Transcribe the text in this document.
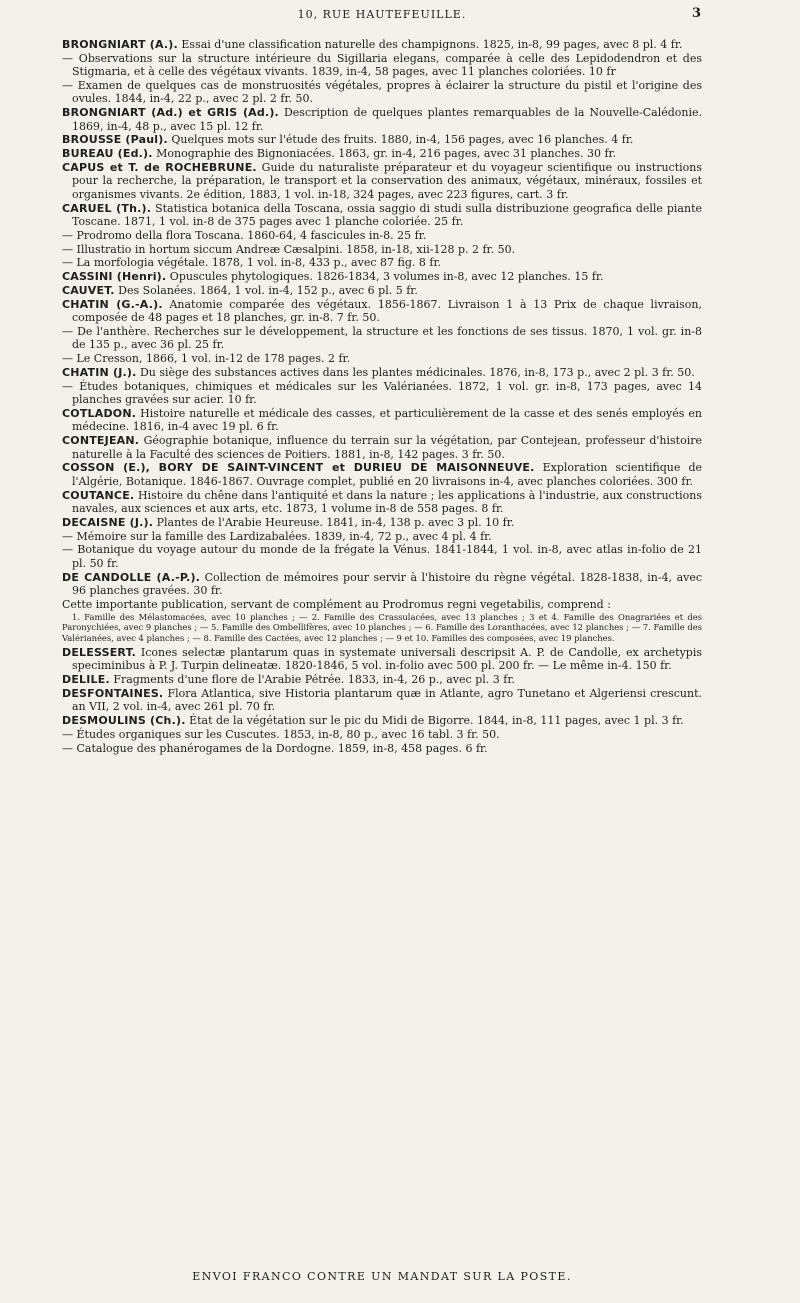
10, RUE HAUTEFEUILLE.	3
BRONGNIART (A.). Essai d'une classification naturelle des champignons. 1825, in-8, 99 pages, avec 8 pl. 4 fr.
— Observations sur la structure intérieure du Sigillaria elegans, comparée à celle des Lepidodendron et des Stigmaria, et à celle des végétaux vivants. 1839, in-4, 58 pages, avec 11 planches coloriées. 10 fr
— Examen de quelques cas de monstruosités végétales, propres à éclairer la structure du pistil et l'origine des ovules. 1844, in-4, 22 p., avec 2 pl. 2 fr. 50.
BRONGNIART (Ad.) et GRIS (Ad.). Description de quelques plantes remarquables de la Nouvelle-Calédonie. 1869, in-4, 48 p., avec 15 pl. 12 fr.
BROUSSE (Paul). Quelques mots sur l'étude des fruits. 1880, in-4, 156 pages, avec 16 planches. 4 fr.
BUREAU (Ed.). Monographie des Bignoniacées. 1863, gr. in-4, 216 pages, avec 31 planches. 30 fr.
CAPUS et T. de ROCHEBRUNE. Guide du naturaliste préparateur et du voyageur scientifique ou instructions pour la recherche, la préparation, le transport et la conservation des animaux, végétaux, minéraux, fossiles et organismes vivants. 2e édition, 1883, 1 vol. in-18, 324 pages, avec 223 figures, cart. 3 fr.
CARUEL (Th.). Statistica botanica della Toscana, ossia saggio di studi sulla distribuzione geografica delle piante Toscane. 1871, 1 vol. in-8 de 375 pages avec 1 planche coloriée. 25 fr.
— Prodromo della flora Toscana. 1860-64, 4 fascicules in-8. 25 fr.
— Illustratio in hortum siccum Andreæ Cæsalpini. 1858, in-18, xii-128 p. 2 fr. 50.
— La morfologia végétale. 1878, 1 vol. in-8, 433 p., avec 87 fig. 8 fr.
CASSINI (Henri). Opuscules phytologiques. 1826-1834, 3 volumes in-8, avec 12 planches. 15 fr.
CAUVET. Des Solanées. 1864, 1 vol. in-4, 152 p., avec 6 pl. 5 fr.
CHATIN (G.-A.). Anatomie comparée des végétaux. 1856-1867. Livraison 1 à 13 Prix de chaque livraison, composée de 48 pages et 18 planches, gr. in-8. 7 fr. 50.
— De l'anthère. Recherches sur le développement, la structure et les fonctions de ses tissus. 1870, 1 vol. gr. in-8 de 135 p., avec 36 pl. 25 fr.
— Le Cresson, 1866, 1 vol. in-12 de 178 pages. 2 fr.
CHATIN (J.). Du siège des substances actives dans les plantes médicinales. 1876, in-8, 173 p., avec 2 pl. 3 fr. 50.
— Études botaniques, chimiques et médicales sur les Valérianées. 1872, 1 vol. gr. in-8, 173 pages, avec 14 planches gravées sur acier. 10 fr.
COTLADON. Histoire naturelle et médicale des casses, et particulièrement de la casse et des senés employés en médecine. 1816, in-4 avec 19 pl. 6 fr.
CONTEJEAN. Géographie botanique, influence du terrain sur la végétation, par Contejean, professeur d'histoire naturelle à la Faculté des sciences de Poitiers. 1881, in-8, 142 pages. 3 fr. 50.
COSSON (E.), BORY DE SAINT-VINCENT et DURIEU DE MAISONNEUVE. Exploration scientifique de l'Algérie, Botanique. 1846-1867. Ouvrage complet, publié en 20 livraisons in-4, avec planches coloriées. 300 fr.
COUTANCE. Histoire du chêne dans l'antiquité et dans la nature ; les applications à l'industrie, aux constructions navales, aux sciences et aux arts, etc. 1873, 1 volume in-8 de 558 pages. 8 fr.
DECAISNE (J.). Plantes de l'Arabie Heureuse. 1841, in-4, 138 p. avec 3 pl. 10 fr.
— Mémoire sur la famille des Lardizabalées. 1839, in-4, 72 p., avec 4 pl. 4 fr.
— Botanique du voyage autour du monde de la frégate la Vénus. 1841-1844, 1 vol. in-8, avec atlas in-folio de 21 pl. 50 fr.
DE CANDOLLE (A.-P.). Collection de mémoires pour servir à l'histoire du règne végétal. 1828-1838, in-4, avec 96 planches gravées. 30 fr.
Cette importante publication, servant de complément au Prodromus regni vegetabilis, comprend :
1. Famille des Mélastomacées, avec 10 planches ; — 2. Famille des Crassulacées, avec 13 planches ; 3 et 4. Famille des Onagrariées et des Paronychiées, avec 9 planches ; — 5. Famille des Ombellifères, avec 10 planches ; — 6. Famille des Loranthacées, avec 12 planches ; — 7. Famille des Valérianées, avec 4 planches ; — 8. Famille des Cactées, avec 12 planches ; — 9 et 10. Familles des composées, avec 19 planches.
DELESSERT. Icones selectæ plantarum quas in systemate universali descripsit A. P. de Candolle, ex archetypis speciminibus à P. J. Turpin delineatæ. 1820-1846, 5 vol. in-folio avec 500 pl. 200 fr. — Le même in-4. 150 fr.
DELILE. Fragments d'une flore de l'Arabie Pétrée. 1833, in-4, 26 p., avec pl. 3 fr.
DESFONTAINES. Flora Atlantica, sive Historia plantarum quæ in Atlante, agro Tunetano et Algeriensi crescunt. an VII, 2 vol. in-4, avec 261 pl. 70 fr.
DESMOULINS (Ch.). État de la végétation sur le pic du Midi de Bigorre. 1844, in-8, 111 pages, avec 1 pl. 3 fr.
— Études organiques sur les Cuscutes. 1853, in-8, 80 p., avec 16 tabl. 3 fr. 50.
— Catalogue des phanérogames de la Dordogne. 1859, in-8, 458 pages. 6 fr.
ENVOI FRANCO CONTRE UN MANDAT SUR LA POSTE.
